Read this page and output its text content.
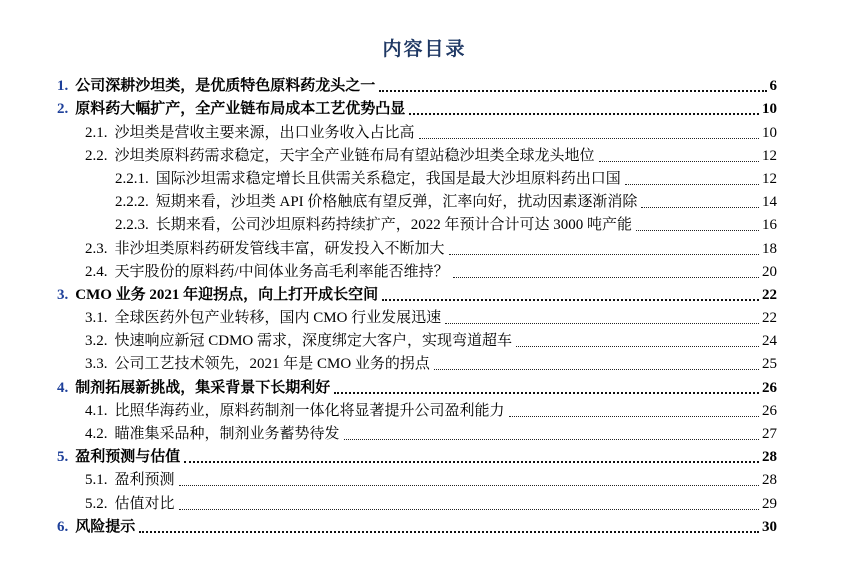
内容目录
1. 公司深耕沙坦类，是优质特色原料药龙头之一	6
2. 原料药大幅扩产，全产业链布局成本工艺优势凸显	10
2.1. 沙坦类是营收主要来源，出口业务收入占比高	10
2.2. 沙坦类原料药需求稳定，天宇全产业链布局有望站稳沙坦类全球龙头地位	12
2.2.1. 国际沙坦需求稳定增长且供需关系稳定，我国是最大沙坦原料药出口国	12
2.2.2. 短期来看，沙坦类 API 价格触底有望反弹，汇率向好，扰动因素逐渐消除	14
2.2.3. 长期来看，公司沙坦原料药持续扩产，2022 年预计合计可达 3000 吨产能	16
2.3. 非沙坦类原料药研发管线丰富，研发投入不断加大	18
2.4. 天宇股份的原料药/中间体业务高毛利率能否维持？	20
3. CMO 业务 2021 年迎拐点，向上打开成长空间	22
3.1. 全球医药外包产业转移，国内 CMO 行业发展迅速	22
3.2. 快速响应新冠 CDMO 需求，深度绑定大客户，实现弯道超车	24
3.3. 公司工艺技术领先，2021 年是 CMO 业务的拐点	25
4. 制剂拓展新挑战，集采背景下长期利好	26
4.1. 比照华海药业，原料药制剂一体化将显著提升公司盈利能力	26
4.2. 瞄准集采品种，制剂业务蓄势待发	27
5. 盈利预测与估值	28
5.1. 盈利预测	28
5.2. 估值对比	29
6. 风险提示	30
